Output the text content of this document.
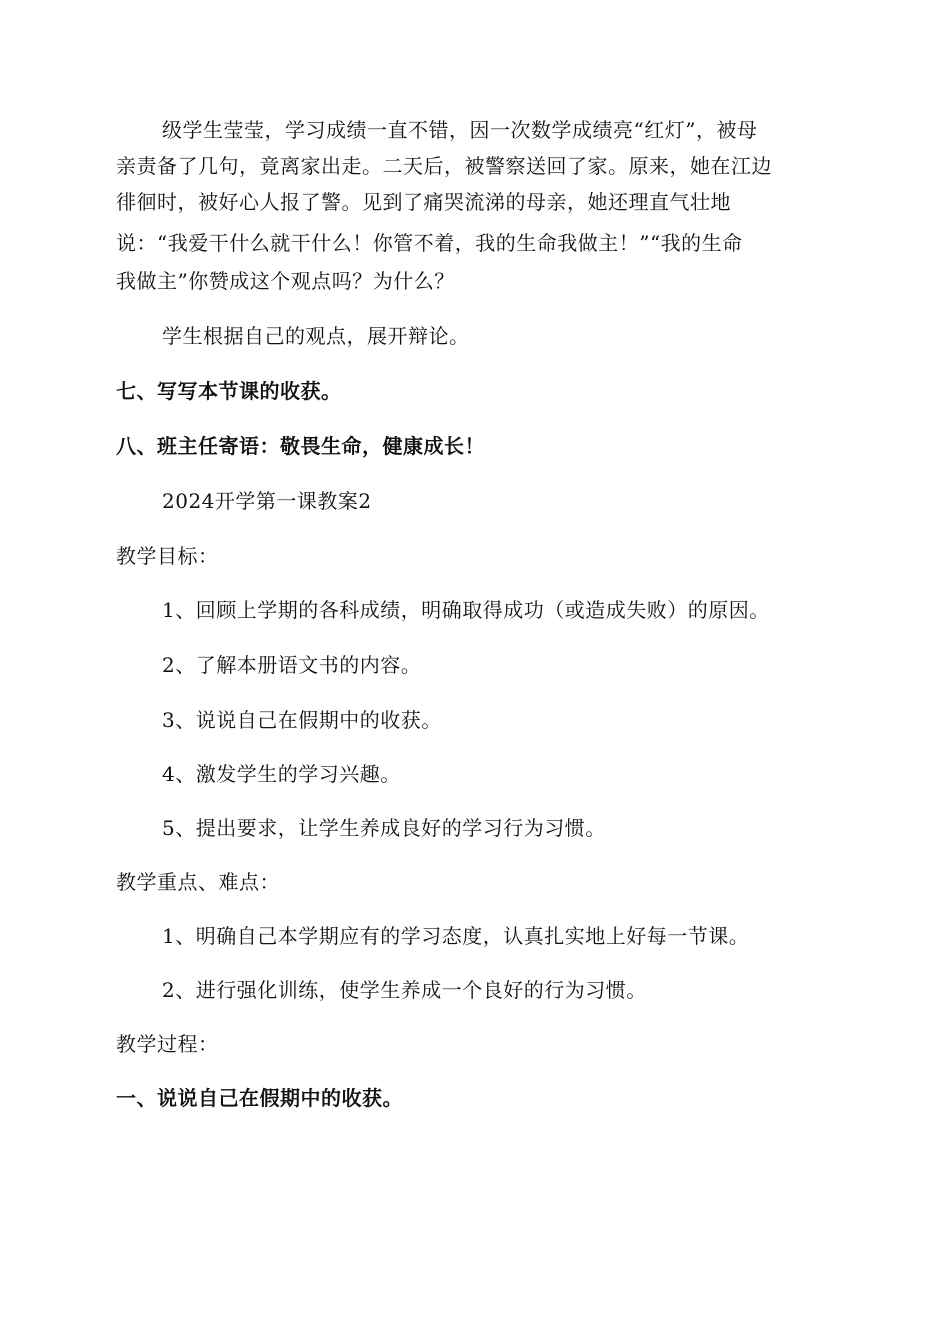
级学生莹莹，学习成绩一直不错，因一次数学成绩亮“红灯”，被母
亲责备了几句，竟离家出走。二天后，被警察送回了家。原来，她在江边
徘徊时，被好心人报了警。见到了痛哭流涕的母亲，她还理直气壮地
说：“我爱干什么就干什么！你管不着，我的生命我做主！”“我的生命
我做主”你赞成这个观点吗？为什么？
学生根据自己的观点，展开辩论。
七、写写本节课的收获。
八、班主任寄语：敬畏生命，健康成长！
2024开学第一课教案2
教学目标：
1、回顾上学期的各科成绩，明确取得成功（或造成失败）的原因。
2、了解本册语文书的内容。
3、说说自己在假期中的收获。
4、激发学生的学习兴趣。
5、提出要求，让学生养成良好的学习行为习惯。
教学重点、难点：
1、明确自己本学期应有的学习态度，认真扎实地上好每一节课。
2、进行强化训练，使学生养成一个良好的行为习惯。
教学过程：
一、说说自己在假期中的收获。
